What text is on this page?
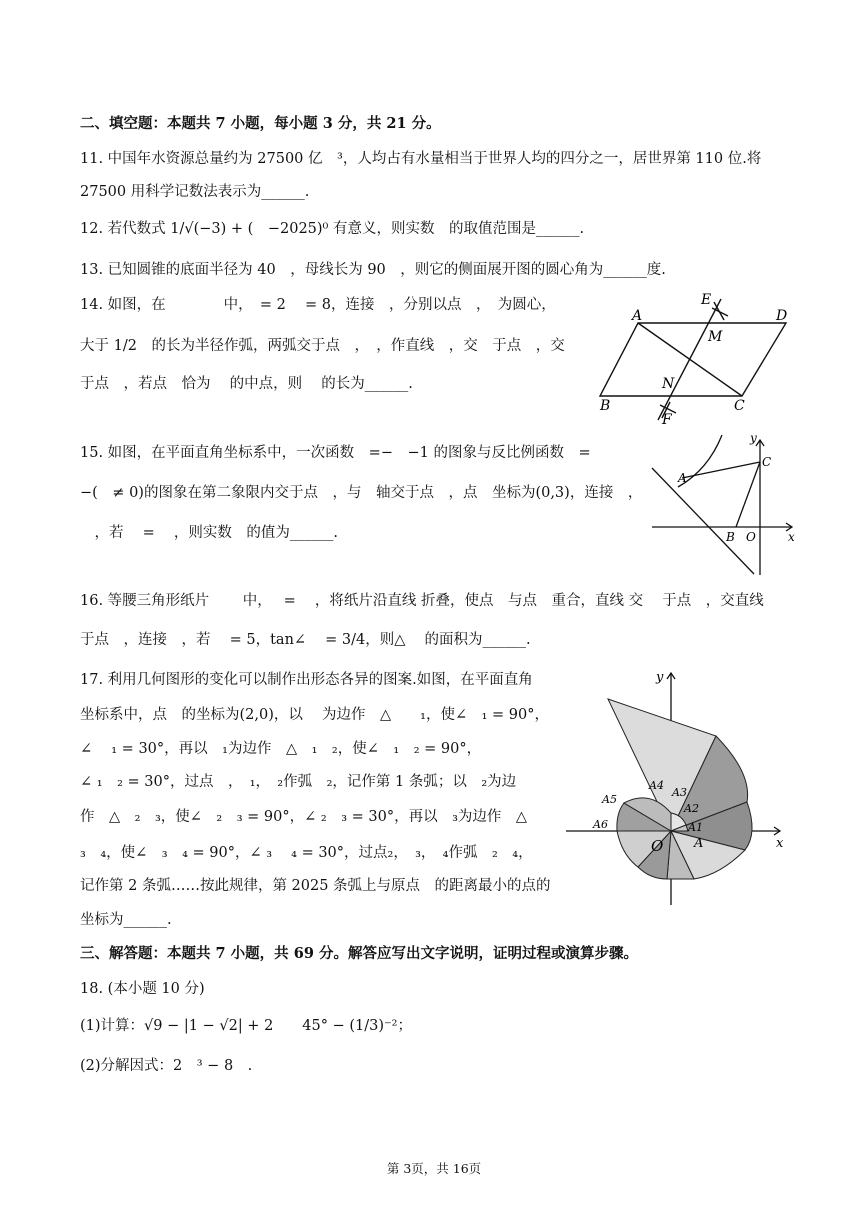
二、填空题：本题共 7 小题，每小题 3 分，共 21 分。
11. 中国年水资源总量约为 27500 亿　³，人均占有水量相当于世界人均的四分之一，居世界第 110 位.将
27500 用科学记数法表示为______.
12. 若代数式 1/√(−3) + (　−2025)⁰ 有意义，则实数　的取值范围是______.
13. 已知圆锥的底面半径为 40　，母线长为 90　，则它的侧面展开图的圆心角为______度.
14. 如图，在　　　　中，　= 2　 = 8，连接　，分别以点　，　为圆心，
大于 1/2　的长为半径作弧，两弧交于点　，　，作直线　，交　于点　，交
于点　，若点　恰为　 的中点，则　 的长为______.
15. 如图，在平面直角坐标系中，一次函数　=−　−1 的图象与反比例函数　=
−(　≠ 0)的图象在第二象限内交于点　，与　轴交于点　，点　坐标为(0,3)，连接　，
　，若　 =　 ，则实数　的值为______.
16. 等腰三角形纸片　　 中，　 =　 ，将纸片沿直线 折叠，使点　与点　重合，直线 交　 于点　，交直线
于点　，连接　，若　 = 5，tan∠　 = 3/4，则△　 的面积为______.
17. 利用几何图形的变化可以制作出形态各异的图案.如图，在平面直角
坐标系中，点　的坐标为(2,0)，以　 为边作　△　　₁，使∠　₁ = 90°，
∠　 ₁ = 30°，再以　₁为边作　△　₁　₂，使∠　₁　₂ = 90°，
∠ ₁　₂ = 30°，过点　，　₁，　₂作弧　₂，记作第 1 条弧；以　₂为边
作　△　₂　₃，使∠　₂　₃ = 90°，∠ ₂　₃ = 30°，再以　₃为边作　△
₃　₄，使∠　₃　₄ = 90°，∠ ₃　 ₄ = 30°，过点₂，　₃，　₄作弧　₂　₄，
记作第 2 条弧……按此规律，第 2025 条弧上与原点　的距离最小的点的
坐标为______.
三、解答题：本题共 7 小题，共 69 分。解答应写出文字说明，证明过程或演算步骤。
18. (本小题 10 分)
(1)计算：√9 − |1 − √2| + 2　　45° − (1/3)⁻²；
(2)分解因式：2　³ − 8　.
A	D
E
M
N
B	C
F
y
C
A
B O	x
y
x
O A
A1
A2
A3
A4
A5
A6
第 3页，共 16页
